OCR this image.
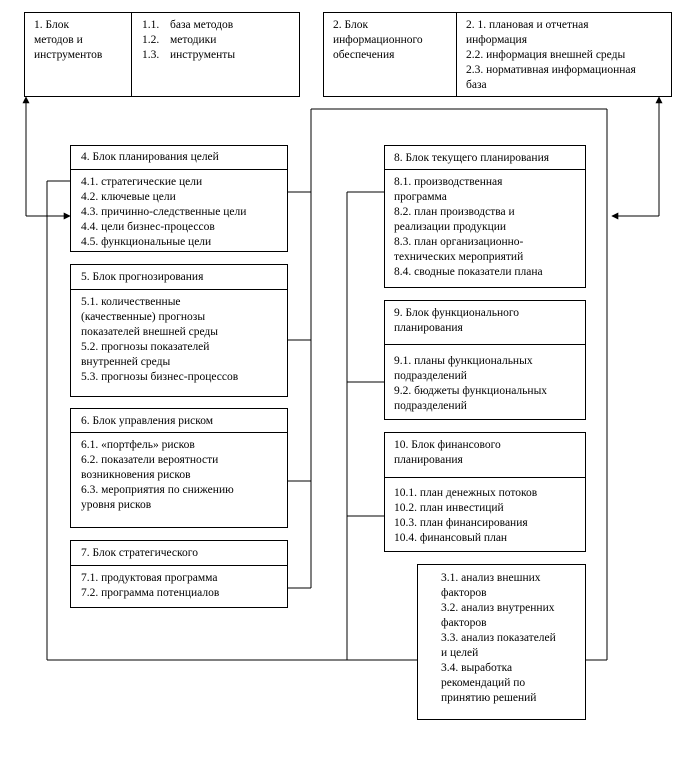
1. Блок
методов и
инструментов
1.1. база методов
1.2. методики
1.3. инструменты
2. Блок
информационного
обеспечения
2. 1. плановая и отчетная
информация
2.2. информация внешней среды
2.3. нормативная информационная
база
4. Блок планирования целей
4.1. стратегические цели
4.2. ключевые цели
4.3. причинно-следственные цели
4.4. цели бизнес-процессов
4.5. функциональные цели
5. Блок прогнозирования
5.1. количественные
(качественные) прогнозы
показателей внешней среды
5.2. прогнозы показателей
внутренней среды
5.3. прогнозы бизнес-процессов
6. Блок управления риском
6.1. «портфель» рисков
6.2. показатели вероятности
возникновения рисков
6.3. мероприятия по снижению
уровня рисков
7. Блок стратегического
7.1. продуктовая программа
7.2. программа потенциалов
8. Блок текущего планирования
8.1. производственная
программа
8.2. план производства и
реализации продукции
8.3. план организационно-
технических мероприятий
8.4. сводные показатели плана
9. Блок функционального
планирования
9.1. планы функциональных
подразделений
9.2. бюджеты функциональных
подразделений
10. Блок финансового
планирования
10.1. план денежных потоков
10.2. план инвестиций
10.3. план финансирования
10.4. финансовый план
3.1. анализ внешних
факторов
3.2. анализ внутренних
факторов
3.3. анализ показателей
и целей
3.4. выработка
рекомендаций по
принятию решений
